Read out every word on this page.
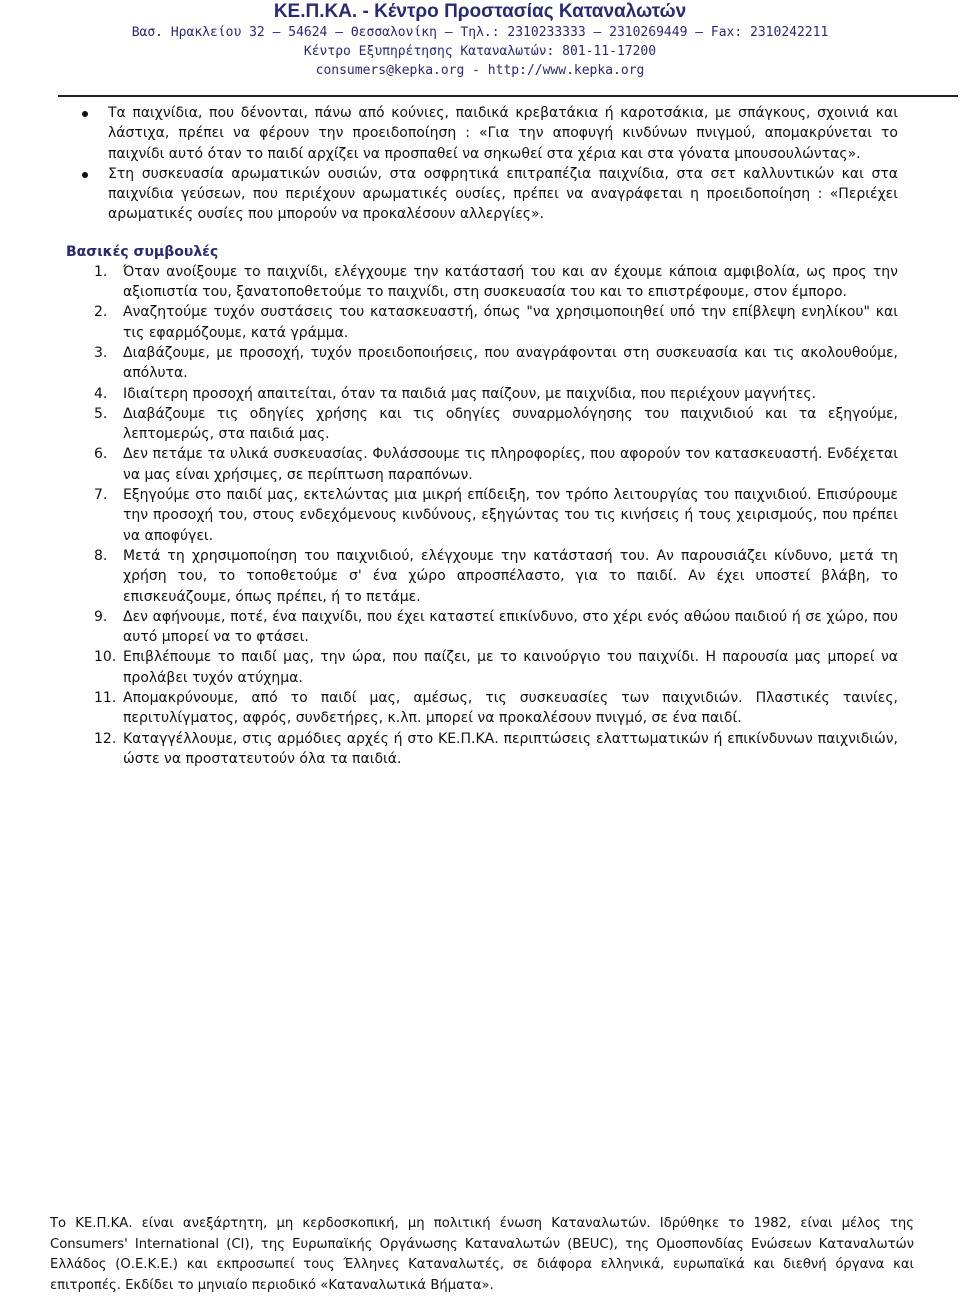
ΚΕ.Π.ΚΑ. - Κέντρο Προστασίας Καταναλωτών
Βασ. Ηρακλείου 32 – 54624 – Θεσσαλονίκη – Τηλ.: 2310233333 – 2310269449 – Fax: 2310242211
Κέντρο Εξυπηρέτησης Καταναλωτών: 801-11-17200
consumers@kepka.org - http://www.kepka.org
Τα παιχνίδια, που δένονται, πάνω από κούνιες, παιδικά κρεβατάκια ή καροτσάκια, με σπάγκους, σχοινιά και λάστιχα, πρέπει να φέρουν την προειδοποίηση : «Για την αποφυγή κινδύνων πνιγμού, απομακρύνεται το παιχνίδι αυτό όταν το παιδί αρχίζει να προσπαθεί να σηκωθεί στα χέρια και στα γόνατα μπουσουλώντας».
Στη συσκευασία αρωματικών ουσιών, στα οσφρητικά επιτραπέζια παιχνίδια, στα σετ καλλυντικών και στα παιχνίδια γεύσεων, που περιέχουν αρωματικές ουσίες, πρέπει να αναγράφεται η προειδοποίηση : «Περιέχει αρωματικές ουσίες που μπορούν να προκαλέσουν αλλεργίες».
Βασικές συμβουλές
1. Όταν ανοίξουμε το παιχνίδι, ελέγχουμε την κατάστασή του και αν έχουμε κάποια αμφιβολία, ως προς την αξιοπιστία του, ξανατοποθετούμε το παιχνίδι, στη συσκευασία του και το επιστρέφουμε, στον έμπορο.
2. Αναζητούμε τυχόν συστάσεις του κατασκευαστή, όπως "να χρησιμοποιηθεί υπό την επίβλεψη ενηλίκου" και τις εφαρμόζουμε, κατά γράμμα.
3. Διαβάζουμε, με προσοχή, τυχόν προειδοποιήσεις, που αναγράφονται στη συσκευασία και τις ακολουθούμε, απόλυτα.
4. Ιδιαίτερη προσοχή απαιτείται, όταν τα παιδιά μας παίζουν, με παιχνίδια, που περιέχουν μαγνήτες.
5. Διαβάζουμε τις οδηγίες χρήσης και τις οδηγίες συναρμολόγησης του παιχνιδιού και τα εξηγούμε, λεπτομερώς, στα παιδιά μας.
6. Δεν πετάμε τα υλικά συσκευασίας. Φυλάσσουμε τις πληροφορίες, που αφορούν τον κατασκευαστή. Ενδέχεται να μας είναι χρήσιμες, σε περίπτωση παραπόνων.
7. Εξηγούμε στο παιδί μας, εκτελώντας μια μικρή επίδειξη, τον τρόπο λειτουργίας του παιχνιδιού. Επισύρουμε την προσοχή του, στους ενδεχόμενους κινδύνους, εξηγώντας του τις κινήσεις ή τους χειρισμούς, που πρέπει να αποφύγει.
8. Μετά τη χρησιμοποίηση του παιχνιδιού, ελέγχουμε την κατάστασή του. Αν παρουσιάζει κίνδυνο, μετά τη χρήση του, το τοποθετούμε σ' ένα χώρο απροσπέλαστο, για το παιδί. Αν έχει υποστεί βλάβη, το επισκευάζουμε, όπως πρέπει, ή το πετάμε.
9. Δεν αφήνουμε, ποτέ, ένα παιχνίδι, που έχει καταστεί επικίνδυνο, στο χέρι ενός αθώου παιδιού ή σε χώρο, που αυτό μπορεί να το φτάσει.
10. Επιβλέπουμε το παιδί μας, την ώρα, που παίζει, με το καινούργιο του παιχνίδι. Η παρουσία μας μπορεί να προλάβει τυχόν ατύχημα.
11. Απομακρύνουμε, από το παιδί μας, αμέσως, τις συσκευασίες των παιχνιδιών. Πλαστικές ταινίες, περιτυλίγματος, αφρός, συνδετήρες, κ.λπ. μπορεί να προκαλέσουν πνιγμό, σε ένα παιδί.
12. Καταγγέλλουμε, στις αρμόδιες αρχές ή στο ΚΕ.Π.ΚΑ. περιπτώσεις ελαττωματικών ή επικίνδυνων παιχνιδιών, ώστε να προστατευτούν όλα τα παιδιά.
Το ΚΕ.Π.ΚΑ. είναι ανεξάρτητη, μη κερδοσκοπική, μη πολιτική ένωση Καταναλωτών. Ιδρύθηκε το 1982, είναι μέλος της Consumers' International (CI), της Ευρωπαϊκής Οργάνωσης Καταναλωτών (BEUC), της Ομοσπονδίας Ενώσεων Καταναλωτών Ελλάδος (Ο.Ε.Κ.Ε.) και εκπροσωπεί τους Έλληνες Καταναλωτές, σε διάφορα ελληνικά, ευρωπαϊκά και διεθνή όργανα και επιτροπές. Εκδίδει το μηνιαίο περιοδικό «Καταναλωτικά Βήματα».
